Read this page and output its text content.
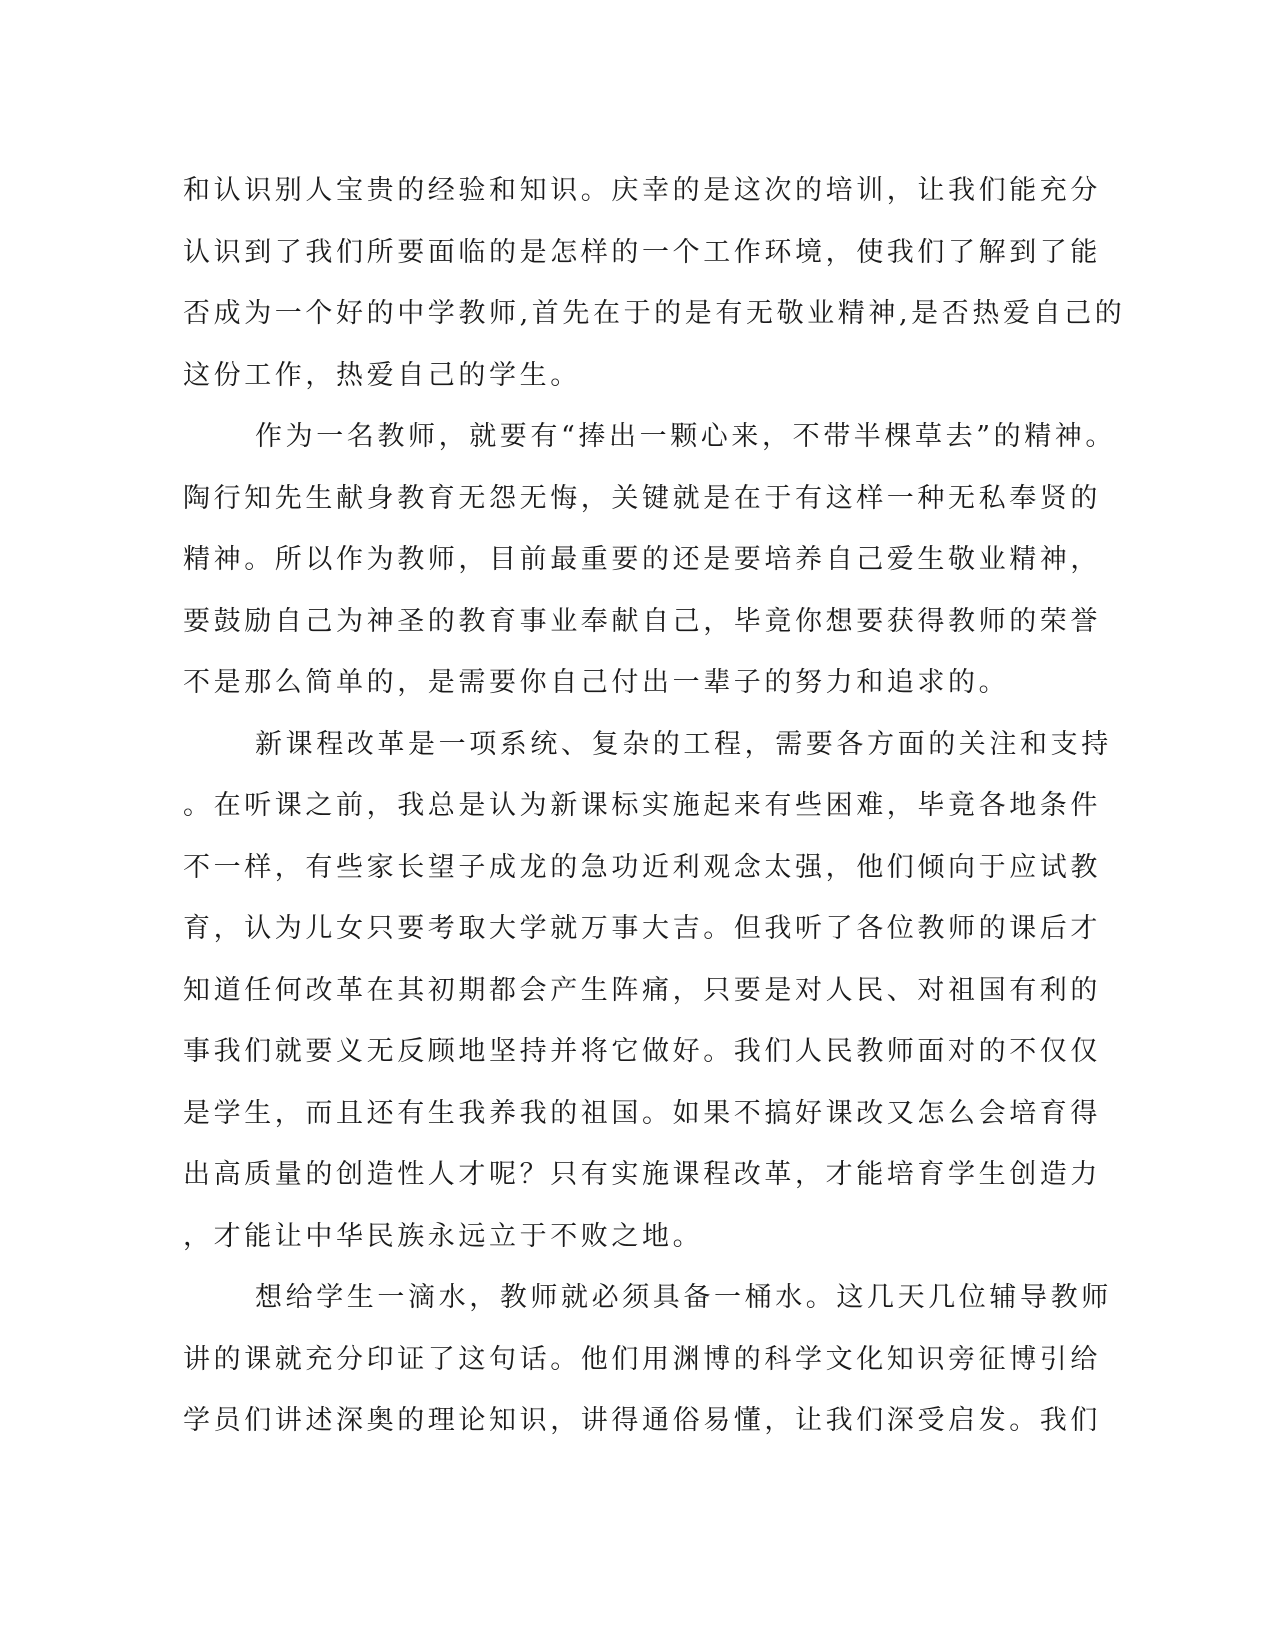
和认识别人宝贵的经验和知识。庆幸的是这次的培训，让我们能充分
认识到了我们所要面临的是怎样的一个工作环境，使我们了解到了能
否成为一个好的中学教师,首先在于的是有无敬业精神,是否热爱自己的
这份工作，热爱自己的学生。
作为一名教师，就要有“捧出一颗心来，不带半棵草去”的精神。
陶行知先生献身教育无怨无悔，关键就是在于有这样一种无私奉贤的
精神。所以作为教师，目前最重要的还是要培养自己爱生敬业精神，
要鼓励自己为神圣的教育事业奉献自己，毕竟你想要获得教师的荣誉
不是那么简单的，是需要你自己付出一辈子的努力和追求的。
新课程改革是一项系统、复杂的工程，需要各方面的关注和支持
。在听课之前，我总是认为新课标实施起来有些困难，毕竟各地条件
不一样，有些家长望子成龙的急功近利观念太强，他们倾向于应试教
育，认为儿女只要考取大学就万事大吉。但我听了各位教师的课后才
知道任何改革在其初期都会产生阵痛，只要是对人民、对祖国有利的
事我们就要义无反顾地坚持并将它做好。我们人民教师面对的不仅仅
是学生，而且还有生我养我的祖国。如果不搞好课改又怎么会培育得
出高质量的创造性人才呢？只有实施课程改革，才能培育学生创造力
，才能让中华民族永远立于不败之地。
想给学生一滴水，教师就必须具备一桶水。这几天几位辅导教师
讲的课就充分印证了这句话。他们用渊博的科学文化知识旁征博引给
学员们讲述深奥的理论知识，讲得通俗易懂，让我们深受启发。我们
